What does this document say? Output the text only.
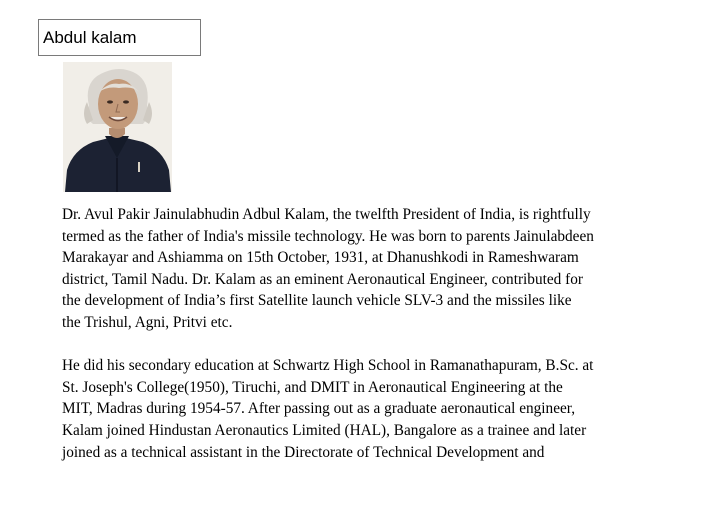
Abdul kalam

Dr. Avul Pakir Jainulabhudin Adbul Kalam, the twelfth President of India, is rightfully

termed as the father of India's missile technology. He was born to parents Jainulabdeen

Marakayar and Ashiamma on 15th October, 1931, at Dhanushkodi in Rameshwaram

district, Tamil Nadu. Dr. Kalam as an eminent Aeronautical Engineer, contributed for

the development of India’s first Satellite launch vehicle SLV-3 and the missiles like

the Trishul, Agni, Pritvi etc.

He did his secondary education at Schwartz High School in Ramanathapuram, B.Sc. at

St. Joseph's College(1950), Tiruchi, and DMIT in Aeronautical Engineering at the

MIT, Madras during 1954-57. After passing out as a graduate aeronautical engineer,

Kalam joined Hindustan Aeronautics Limited (HAL), Bangalore as a trainee and later

joined as a technical assistant in the Directorate of Technical Development and
